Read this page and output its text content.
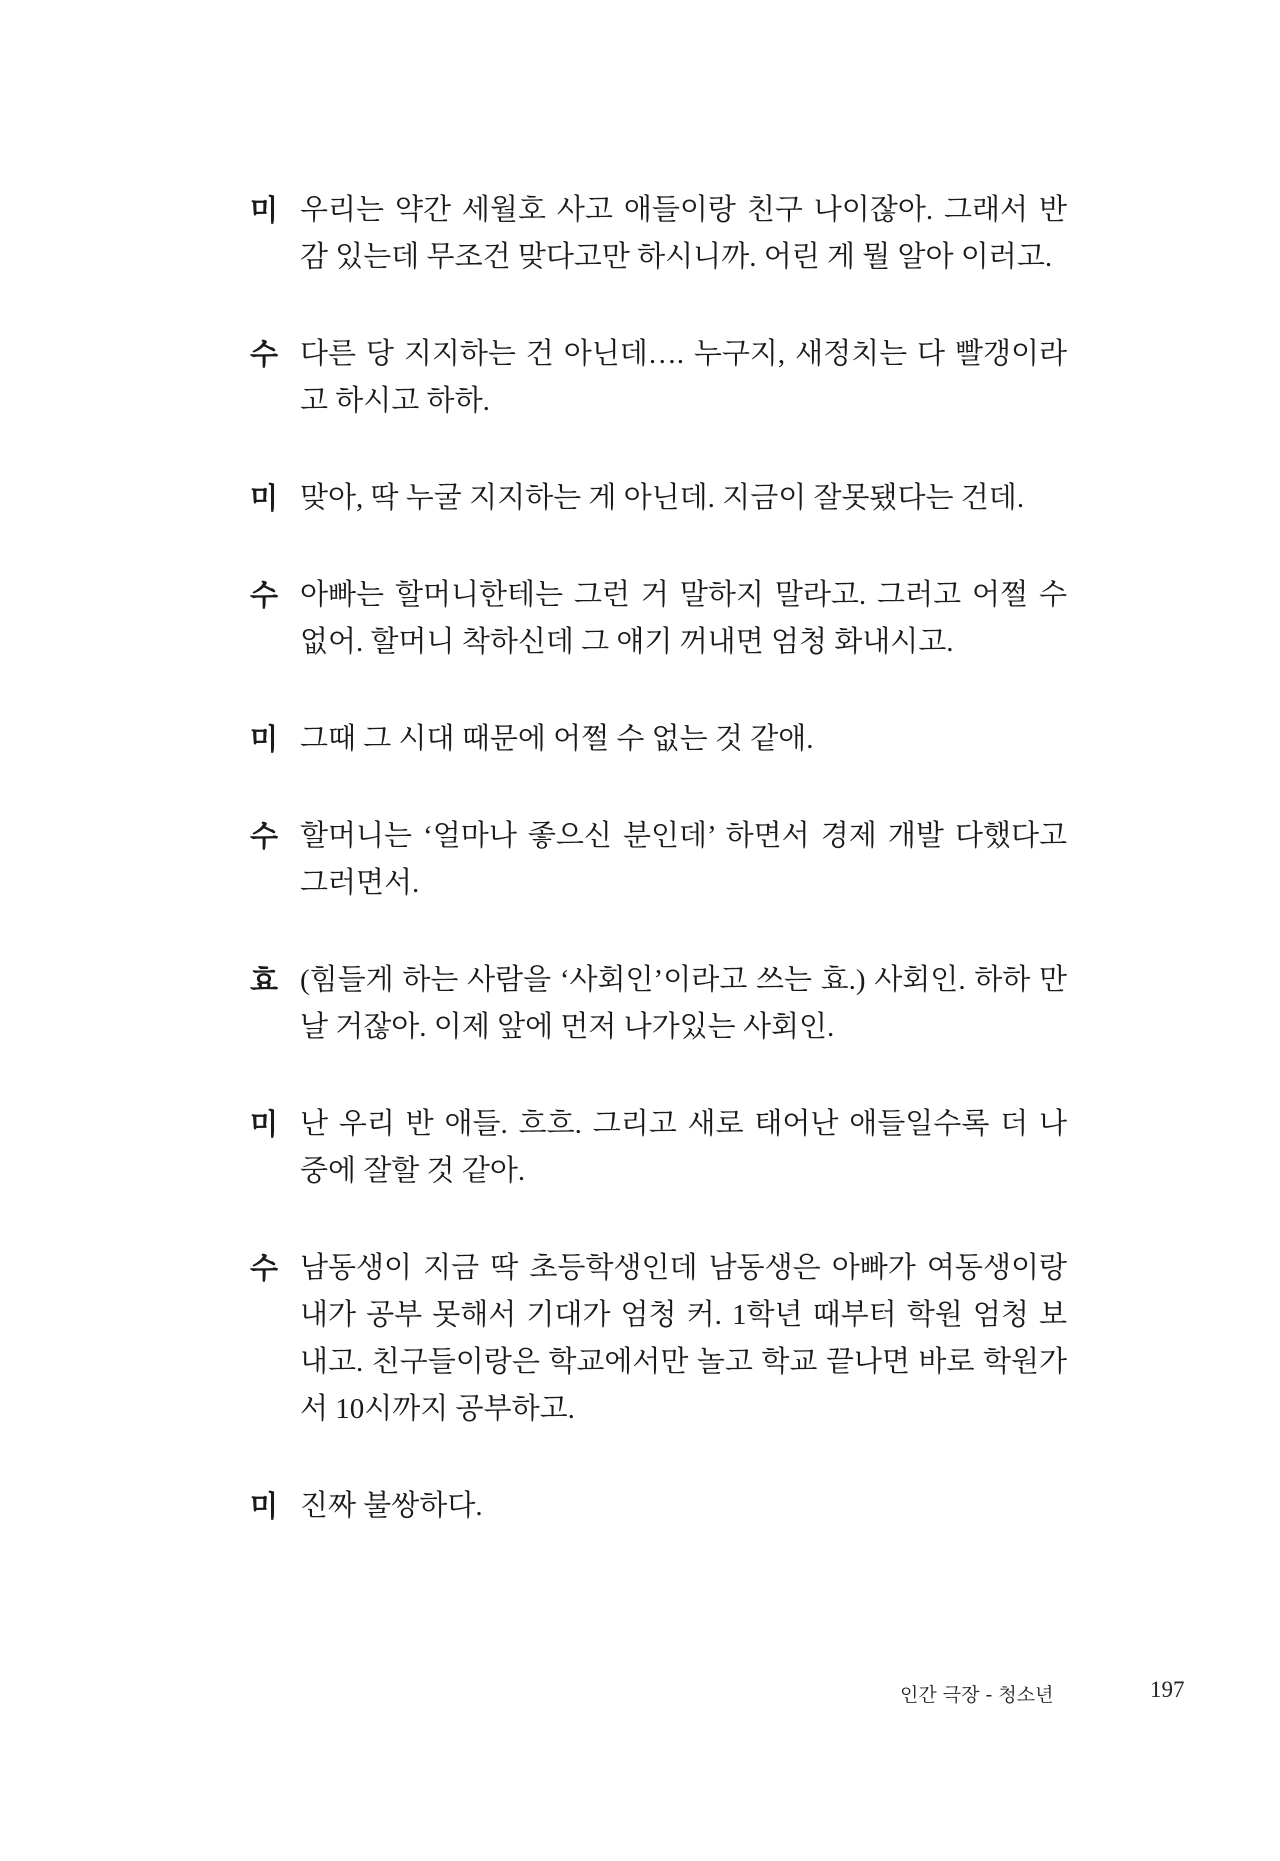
미 우리는 약간 세월호 사고 애들이랑 친구 나이잖아. 그래서 반
감 있는데 무조건 맞다고만 하시니까. 어린 게 뭘 알아 이러고.
수 다른 당 지지하는 건 아닌데…. 누구지, 새정치는 다 빨갱이라
고 하시고 하하.
미 맞아, 딱 누굴 지지하는 게 아닌데. 지금이 잘못됐다는 건데.
수 아빠는 할머니한테는 그런 거 말하지 말라고. 그러고 어쩔 수
없어. 할머니 착하신데 그 얘기 꺼내면 엄청 화내시고.
미 그때 그 시대 때문에 어쩔 수 없는 것 같애.
수 할머니는 ‘얼마나 좋으신 분인데’ 하면서 경제 개발 다했다고
그러면서.
효 (힘들게 하는 사람을 ‘사회인’이라고 쓰는 효.) 사회인. 하하 만
날 거잖아. 이제 앞에 먼저 나가있는 사회인.
미 난 우리 반 애들. 흐흐. 그리고 새로 태어난 애들일수록 더 나
중에 잘할 것 같아.
수 남동생이 지금 딱 초등학생인데 남동생은 아빠가 여동생이랑
내가 공부 못해서 기대가 엄청 커. 1학년 때부터 학원 엄청 보
내고. 친구들이랑은 학교에서만 놀고 학교 끝나면 바로 학원가
서 10시까지 공부하고.
미 진짜 불쌍하다.
인간 극장 - 청소년	197
